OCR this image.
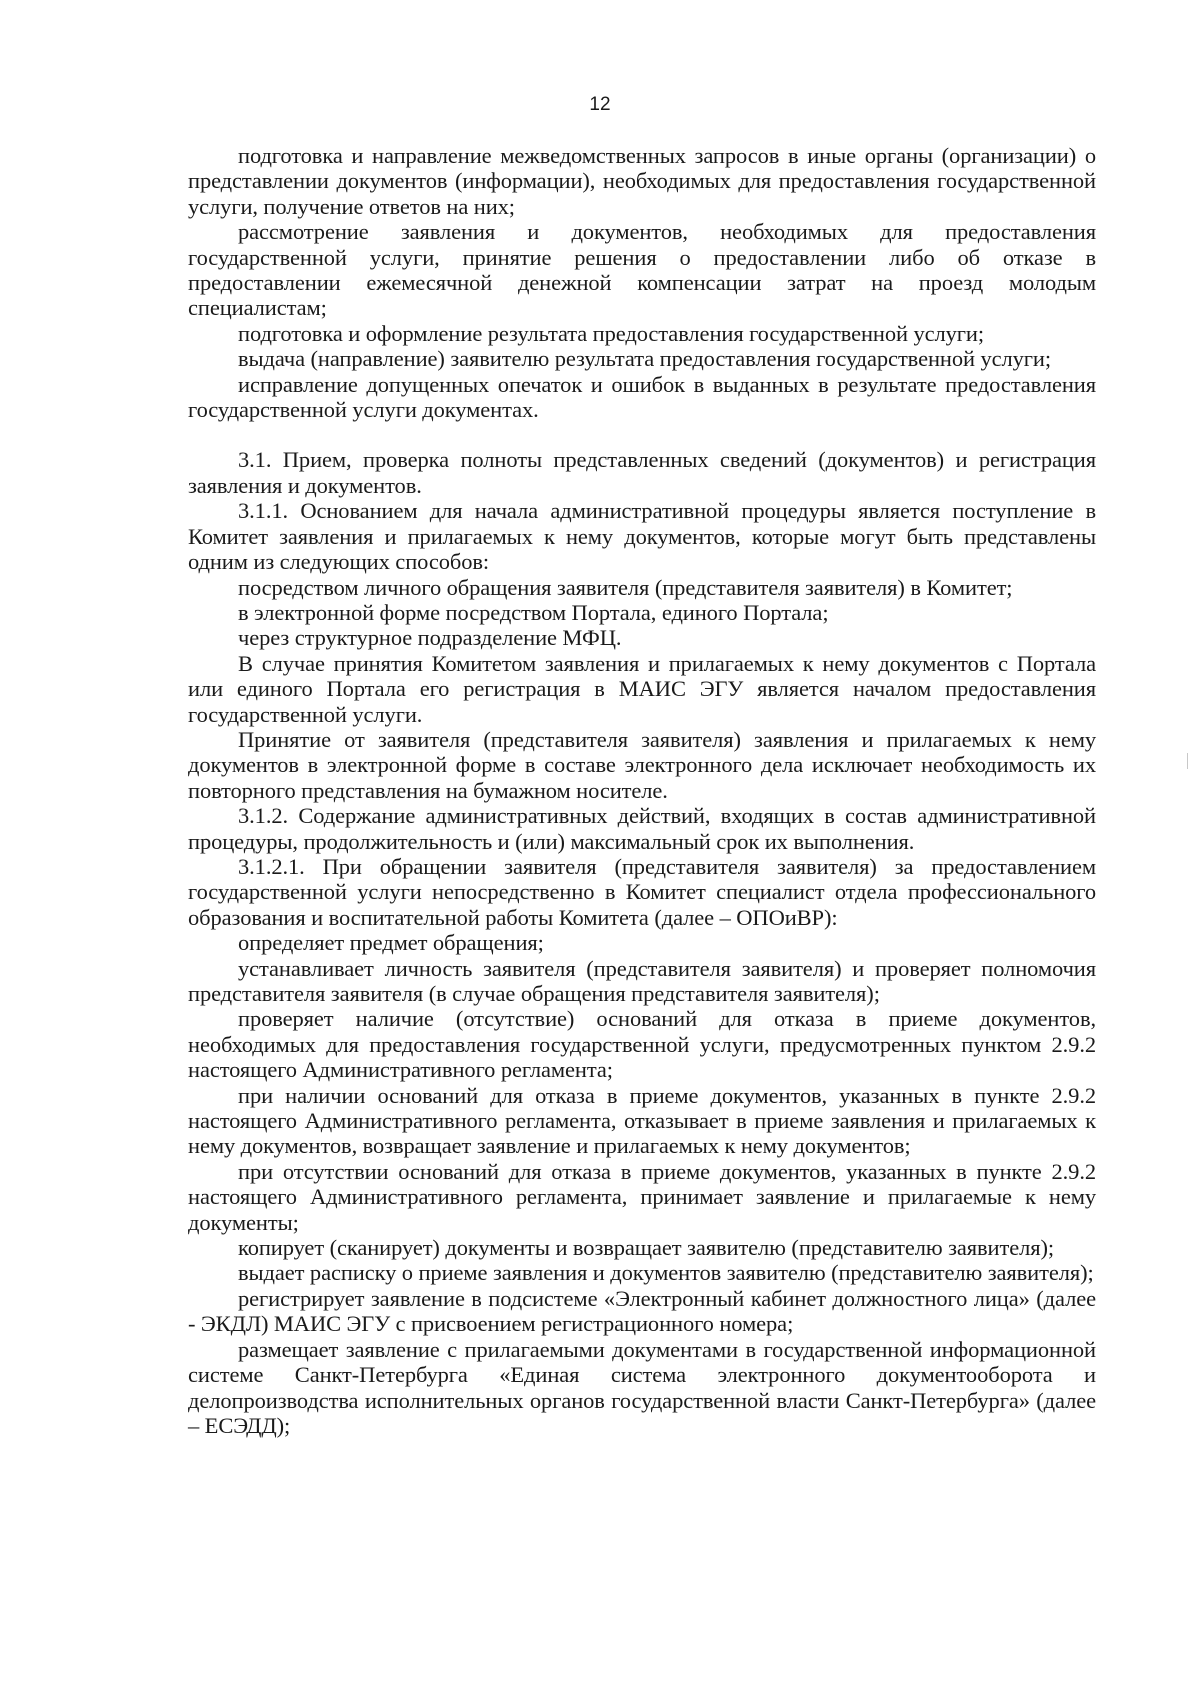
12

подготовка и направление межведомственных запросов в иные органы (организации) о представлении документов (информации), необходимых для предоставления государственной услуги, получение ответов на них;

рассмотрение заявления и документов, необходимых для предоставления государственной услуги, принятие решения о предоставлении либо об отказе в предоставлении ежемесячной денежной компенсации затрат на проезд молодым специалистам;

подготовка и оформление результата предоставления государственной услуги;

выдача (направление) заявителю результата предоставления государственной услуги;

исправление допущенных опечаток и ошибок в выданных в результате предоставления государственной услуги документах.

3.1. Прием, проверка полноты представленных сведений (документов) и регистрация заявления и документов.

3.1.1. Основанием для начала административной процедуры является поступление в Комитет заявления и прилагаемых к нему документов, которые могут быть представлены одним из следующих способов:

посредством личного обращения заявителя (представителя заявителя) в Комитет;

в электронной форме посредством Портала, единого Портала;

через структурное подразделение МФЦ.

В случае принятия Комитетом заявления и прилагаемых к нему документов с Портала или единого Портала его регистрация в МАИС ЭГУ является началом предоставления государственной услуги.

Принятие от заявителя (представителя заявителя) заявления и прилагаемых к нему документов в электронной форме в составе электронного дела исключает необходимость их повторного представления на бумажном носителе.

3.1.2. Содержание административных действий, входящих в состав административной процедуры, продолжительность и (или) максимальный срок их выполнения.

3.1.2.1. При обращении заявителя (представителя заявителя) за предоставлением государственной услуги непосредственно в Комитет специалист отдела профессионального образования и воспитательной работы Комитета (далее – ОПОиВР):

определяет предмет обращения;

устанавливает личность заявителя (представителя заявителя) и проверяет полномочия представителя заявителя (в случае обращения представителя заявителя);

проверяет наличие (отсутствие) оснований для отказа в приеме документов, необходимых для предоставления государственной услуги, предусмотренных пунктом 2.9.2 настоящего Административного регламента;

при наличии оснований для отказа в приеме документов, указанных в пункте 2.9.2 настоящего Административного регламента, отказывает в приеме заявления и прилагаемых к нему документов, возвращает заявление и прилагаемых к нему документов;

при отсутствии оснований для отказа в приеме документов, указанных в пункте 2.9.2 настоящего Административного регламента, принимает заявление и прилагаемые к нему документы;

копирует (сканирует) документы и возвращает заявителю (представителю заявителя);

выдает расписку о приеме заявления и документов заявителю (представителю заявителя);

регистрирует заявление в подсистеме «Электронный кабинет должностного лица» (далее - ЭКДЛ) МАИС ЭГУ с присвоением регистрационного номера;

размещает заявление с прилагаемыми документами в государственной информационной системе Санкт-Петербурга «Единая система электронного документооборота и делопроизводства исполнительных органов государственной власти Санкт-Петербурга» (далее – ЕСЭДД);
